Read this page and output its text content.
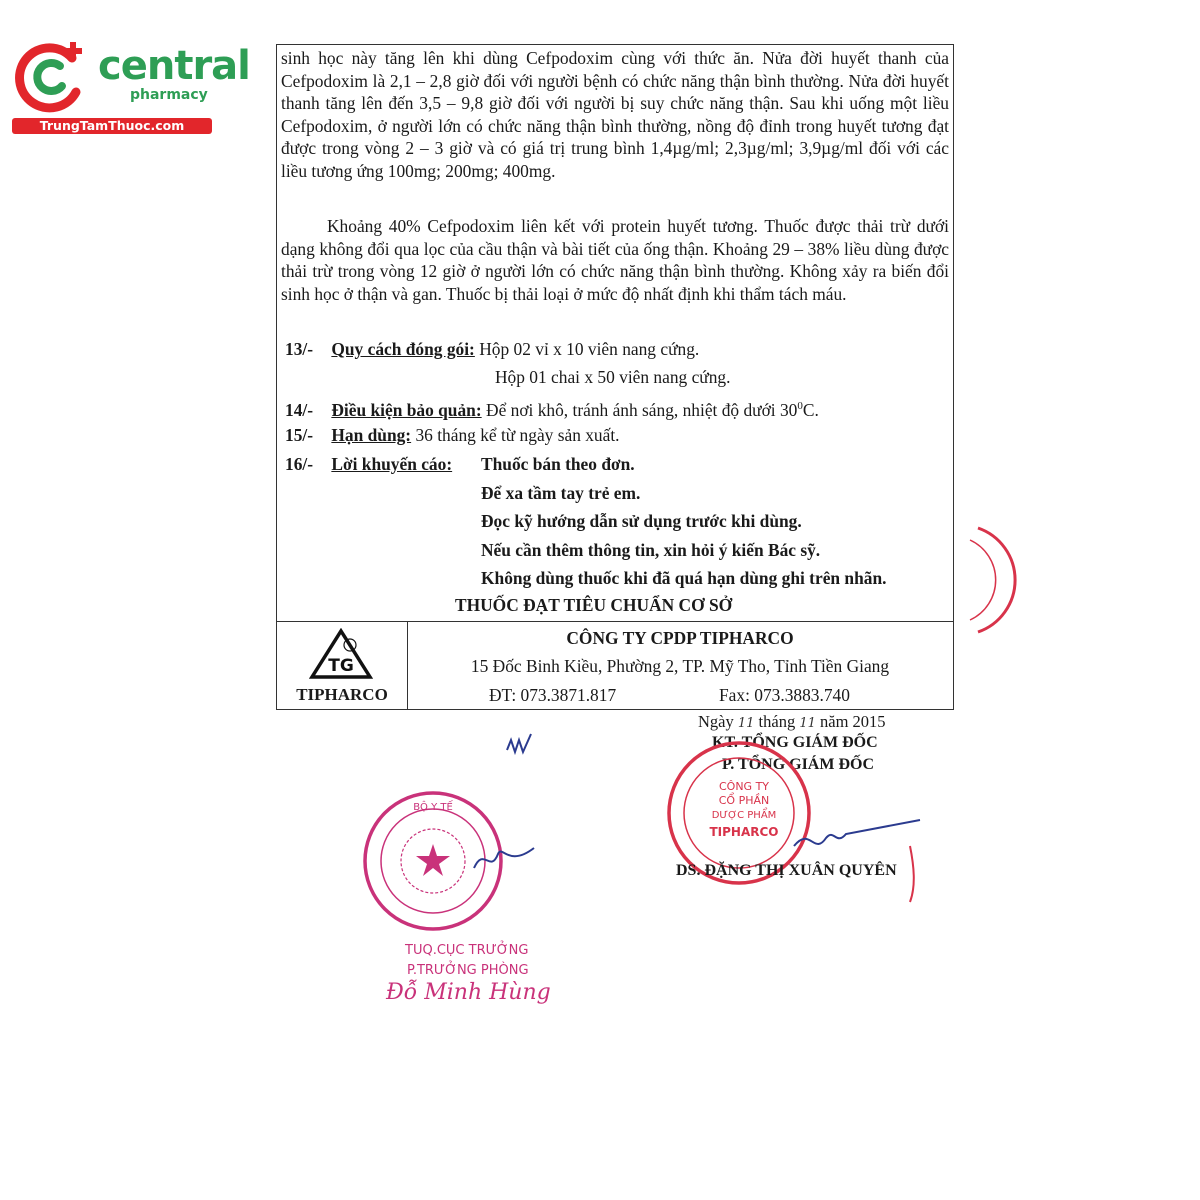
central
pharmacy
TrungTamThuoc.com

sinh học này tăng lên khi dùng Cefpodoxim cùng với thức ăn. Nửa đời huyết thanh của Cefpodoxim là 2,1 – 2,8 giờ đối với người bệnh có chức năng thận bình thường. Nửa đời huyết thanh tăng lên đến 3,5 – 9,8 giờ đối với người bị suy chức năng thận. Sau khi uống một liều Cefpodoxim, ở người lớn có chức năng thận bình thường, nồng độ đỉnh trong huyết tương đạt được trong vòng 2 – 3 giờ và có giá trị trung bình 1,4µg/ml; 2,3µg/ml; 3,9µg/ml đối với các liều tương ứng 100mg; 200mg; 400mg.

Khoảng 40% Cefpodoxim liên kết với protein huyết tương. Thuốc được thải trừ dưới dạng không đổi qua lọc của cầu thận và bài tiết của ống thận. Khoảng 29 – 38% liều dùng được thải trừ trong vòng 12 giờ ở người lớn có chức năng thận bình thường. Không xảy ra biến đổi sinh học ở thận và gan. Thuốc bị thải loại ở mức độ nhất định khi thẩm tách máu.

13/- Quy cách đóng gói: Hộp 02 vỉ x 10 viên nang cứng.
Hộp 01 chai x 50 viên nang cứng.
14/- Điều kiện bảo quản: Để nơi khô, tránh ánh sáng, nhiệt độ dưới $30^0C$.
15/- Hạn dùng: 36 tháng kể từ ngày sản xuất.
16/- Lời khuyến cáo: Thuốc bán theo đơn.
Để xa tầm tay trẻ em.
Đọc kỹ hướng dẫn sử dụng trước khi dùng.
Nếu cần thêm thông tin, xin hỏi ý kiến Bác sỹ.
Không dùng thuốc khi đã quá hạn dùng ghi trên nhãn.
THUỐC ĐẠT TIÊU CHUẨN CƠ SỞ
TG
TIPHARCO
CÔNG TY CPDP TIPHARCO
15 Đốc Binh Kiều, Phường 2, TP. Mỹ Tho, Tỉnh Tiền Giang
ĐT: 073.3871.817	Fax: 073.3883.740
Ngày 11 tháng 11 năm 2015
KT. TỔNG GIÁM ĐỐC
P. TỔNG GIÁM ĐỐC
CÔNG TY
CỔ PHẦN
DƯỢC PHẨM
TIPHARCO
DS. ĐẶNG THỊ XUÂN QUYÊN
BỘ Y TẾ
TUQ.CỤC TRƯỞNG
P.TRƯỞNG PHÒNG
Đỗ Minh Hùng
